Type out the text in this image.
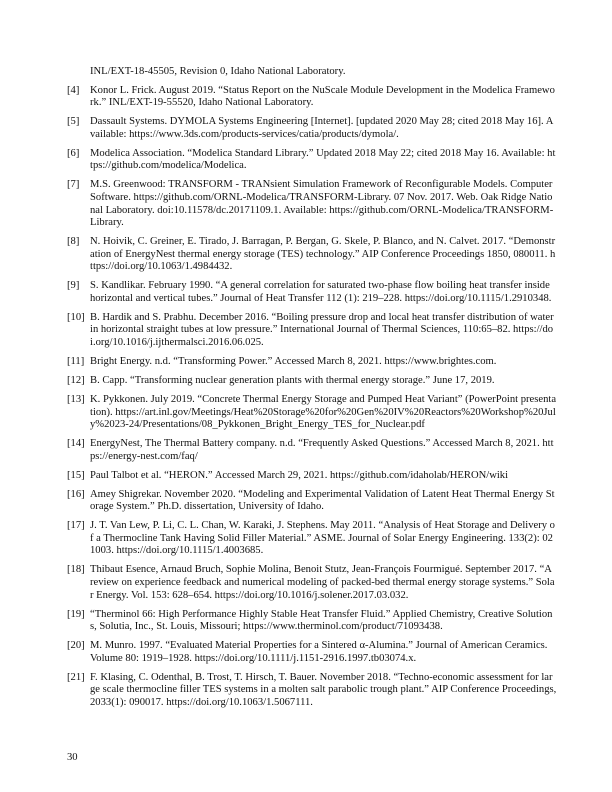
INL/EXT-18-45505, Revision 0, Idaho National Laboratory.
[4]	Konor L. Frick. August 2019. “Status Report on the NuScale Module Development in the Modelica Framework.” INL/EXT-19-55520, Idaho National Laboratory.
[5]	Dassault Systems. DYMOLA Systems Engineering [Internet]. [updated 2020 May 28; cited 2018 May 16]. Available: https://www.3ds.com/products-services/catia/products/dymola/.
[6]	Modelica Association. “Modelica Standard Library.” Updated 2018 May 22; cited 2018 May 16. Available: https://github.com/modelica/Modelica.
[7]	M.S. Greenwood: TRANSFORM - TRANsient Simulation Framework of Reconfigurable Models. Computer Software. https://github.com/ORNL-Modelica/TRANSFORM-Library. 07 Nov. 2017. Web. Oak Ridge National Laboratory. doi:10.11578/dc.20171109.1. Available: https://github.com/ORNL-Modelica/TRANSFORM-Library.
[8]	N. Hoivik, C. Greiner, E. Tirado, J. Barragan, P. Bergan, G. Skele, P. Blanco, and N. Calvet. 2017. “Demonstration of EnergyNest thermal energy storage (TES) technology.” AIP Conference Proceedings 1850, 080011. https://doi.org/10.1063/1.4984432.
[9]	S. Kandlikar. February 1990. “A general correlation for saturated two-phase flow boiling heat transfer inside horizontal and vertical tubes.” Journal of Heat Transfer 112 (1): 219–228. https://doi.org/10.1115/1.2910348.
[10] B. Hardik and S. Prabhu. December 2016. “Boiling pressure drop and local heat transfer distribution of water in horizontal straight tubes at low pressure.” International Journal of Thermal Sciences, 110:65–82. https://doi.org/10.1016/j.ijthermalsci.2016.06.025.
[11] Bright Energy. n.d. “Transforming Power.” Accessed March 8, 2021. https://www.brightes.com.
[12] B. Capp. “Transforming nuclear generation plants with thermal energy storage.” June 17, 2019.
[13] K. Pykkonen. July 2019. “Concrete Thermal Energy Storage and Pumped Heat Variant” (PowerPoint presentation). https://art.inl.gov/Meetings/Heat%20Storage%20for%20Gen%20IV%20Reactors%20Workshop%20July%2023-24/Presentations/08_Pykkonen_Bright_Energy_TES_for_Nuclear.pdf
[14] EnergyNest, The Thermal Battery company. n.d. “Frequently Asked Questions.” Accessed March 8, 2021. https://energy-nest.com/faq/
[15] Paul Talbot et al. “HERON.” Accessed March 29, 2021. https://github.com/idaholab/HERON/wiki
[16] Amey Shigrekar. November 2020. “Modeling and Experimental Validation of Latent Heat Thermal Energy Storage System.” Ph.D. dissertation, University of Idaho.
[17] J. T. Van Lew, P. Li, C. L. Chan, W. Karaki, J. Stephens. May 2011. “Analysis of Heat Storage and Delivery of a Thermocline Tank Having Solid Filler Material.” ASME. Journal of Solar Energy Engineering. 133(2): 021003. https://doi.org/10.1115/1.4003685.
[18] Thibaut Esence, Arnaud Bruch, Sophie Molina, Benoit Stutz, Jean-François Fourmigué. September 2017. “A review on experience feedback and numerical modeling of packed-bed thermal energy storage systems.” Solar Energy. Vol. 153: 628–654. https://doi.org/10.1016/j.solener.2017.03.032.
[19] “Therminol 66: High Performance Highly Stable Heat Transfer Fluid.” Applied Chemistry, Creative Solutions, Solutia, Inc., St. Louis, Missouri; https://www.therminol.com/product/71093438.
[20] M. Munro. 1997. “Evaluated Material Properties for a Sintered α-Alumina.” Journal of American Ceramics. Volume 80: 1919–1928. https://doi.org/10.1111/j.1151-2916.1997.tb03074.x.
[21] F. Klasing, C. Odenthal, B. Trost, T. Hirsch, T. Bauer. November 2018. “Techno-economic assessment for large scale thermocline filler TES systems in a molten salt parabolic trough plant.” AIP Conference Proceedings, 2033(1): 090017. https://doi.org/10.1063/1.5067111.
30
